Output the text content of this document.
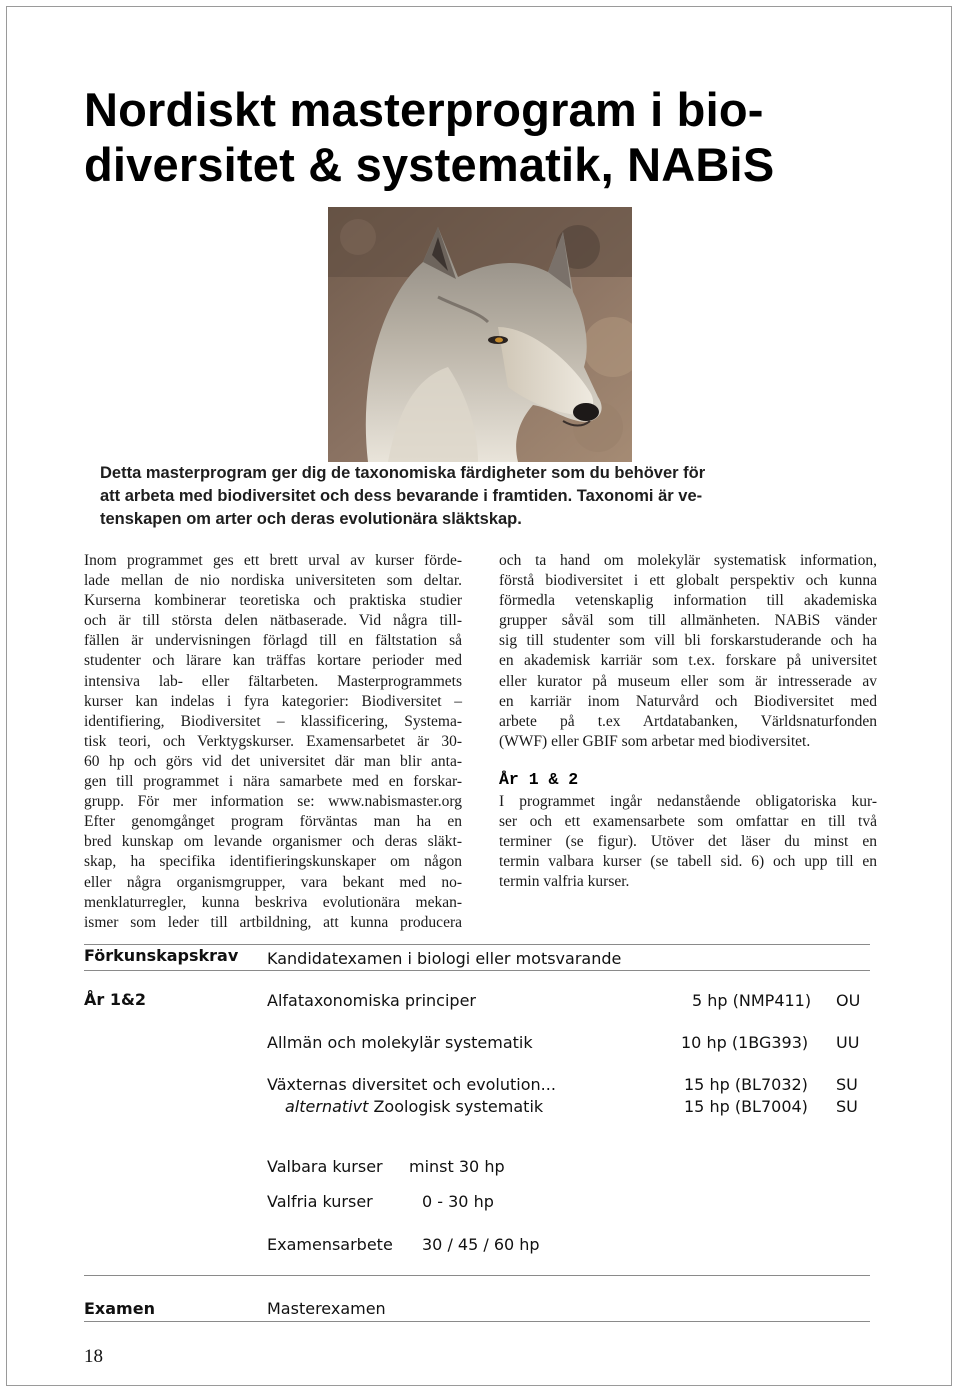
Nordiskt masterprogram i bio-
diversitet & systematik, NABiS
Detta masterprogram ger dig de taxonomiska färdigheter som du behöver för
att arbeta med biodiversitet och dess bevarande i framtiden. Taxonomi är ve-
tenskapen om arter och deras evolutionära släktskap.
Inom programmet ges ett brett urval av kurser förde-
lade mellan de nio nordiska universiteten som deltar.
Kurserna kombinerar teoretiska och praktiska studier
och är till största delen nätbaserade. Vid några till-
fällen är undervisningen förlagd till en fältstation så
studenter och lärare kan träffas kortare perioder med
intensiva lab- eller fältarbeten. Masterprogrammets
kurser kan indelas i fyra kategorier: Biodiversitet –
identifiering, Biodiversitet – klassificering, Systema-
tisk teori, och Verktygskurser. Examensarbetet är 30-
60 hp och görs vid det universitet där man blir anta-
gen till programmet i nära samarbete med en forskar-
grupp. För mer information se: www.nabismaster.org
Efter genomgånget program förväntas man ha en
bred kunskap om levande organismer och deras släkt-
skap, ha specifika identifieringskunskaper om någon
eller några organismgrupper, vara bekant med no-
menklaturregler, kunna beskriva evolutionära mekan-
ismer som leder till artbildning, att kunna producera
och ta hand om molekylär systematisk information,
förstå biodiversitet i ett globalt perspektiv och kunna
förmedla vetenskaplig information till akademiska
grupper såväl som till allmänheten. NABiS vänder
sig till studenter som vill bli forskarstuderande och ha
en akademisk karriär som t.ex. forskare på universitet
eller kurator på museum eller som är intresserade av
en karriär inom Naturvård och Biodiversitet med
arbete på t.ex Artdatabanken, Världsnaturfonden
(WWF) eller GBIF som arbetar med biodiversitet.
År 1 & 2
I programmet ingår nedanstående obligatoriska kur-
ser och ett examensarbete som omfattar en till två
terminer (se figur). Utöver det läser du minst en
termin valbara kurser (se tabell sid. 6) och upp till en
termin valfria kurser.
Förkunskapskrav Kandidatexamen i biologi eller motsvarande
År 1&2	Alfataxonomiska principer	5 hp (NMP411) OU
Allmän och molekylär systematik	10 hp (1BG393) UU
Växternas diversitet och evolution...	15 hp (BL7032) SU
alternativt Zoologisk systematik	15 hp (BL7004) SU
Valbara kurser minst 30 hp
Valfria kurser	0 - 30 hp
Examensarbete 30 / 45 / 60 hp
Examen	Masterexamen
18
